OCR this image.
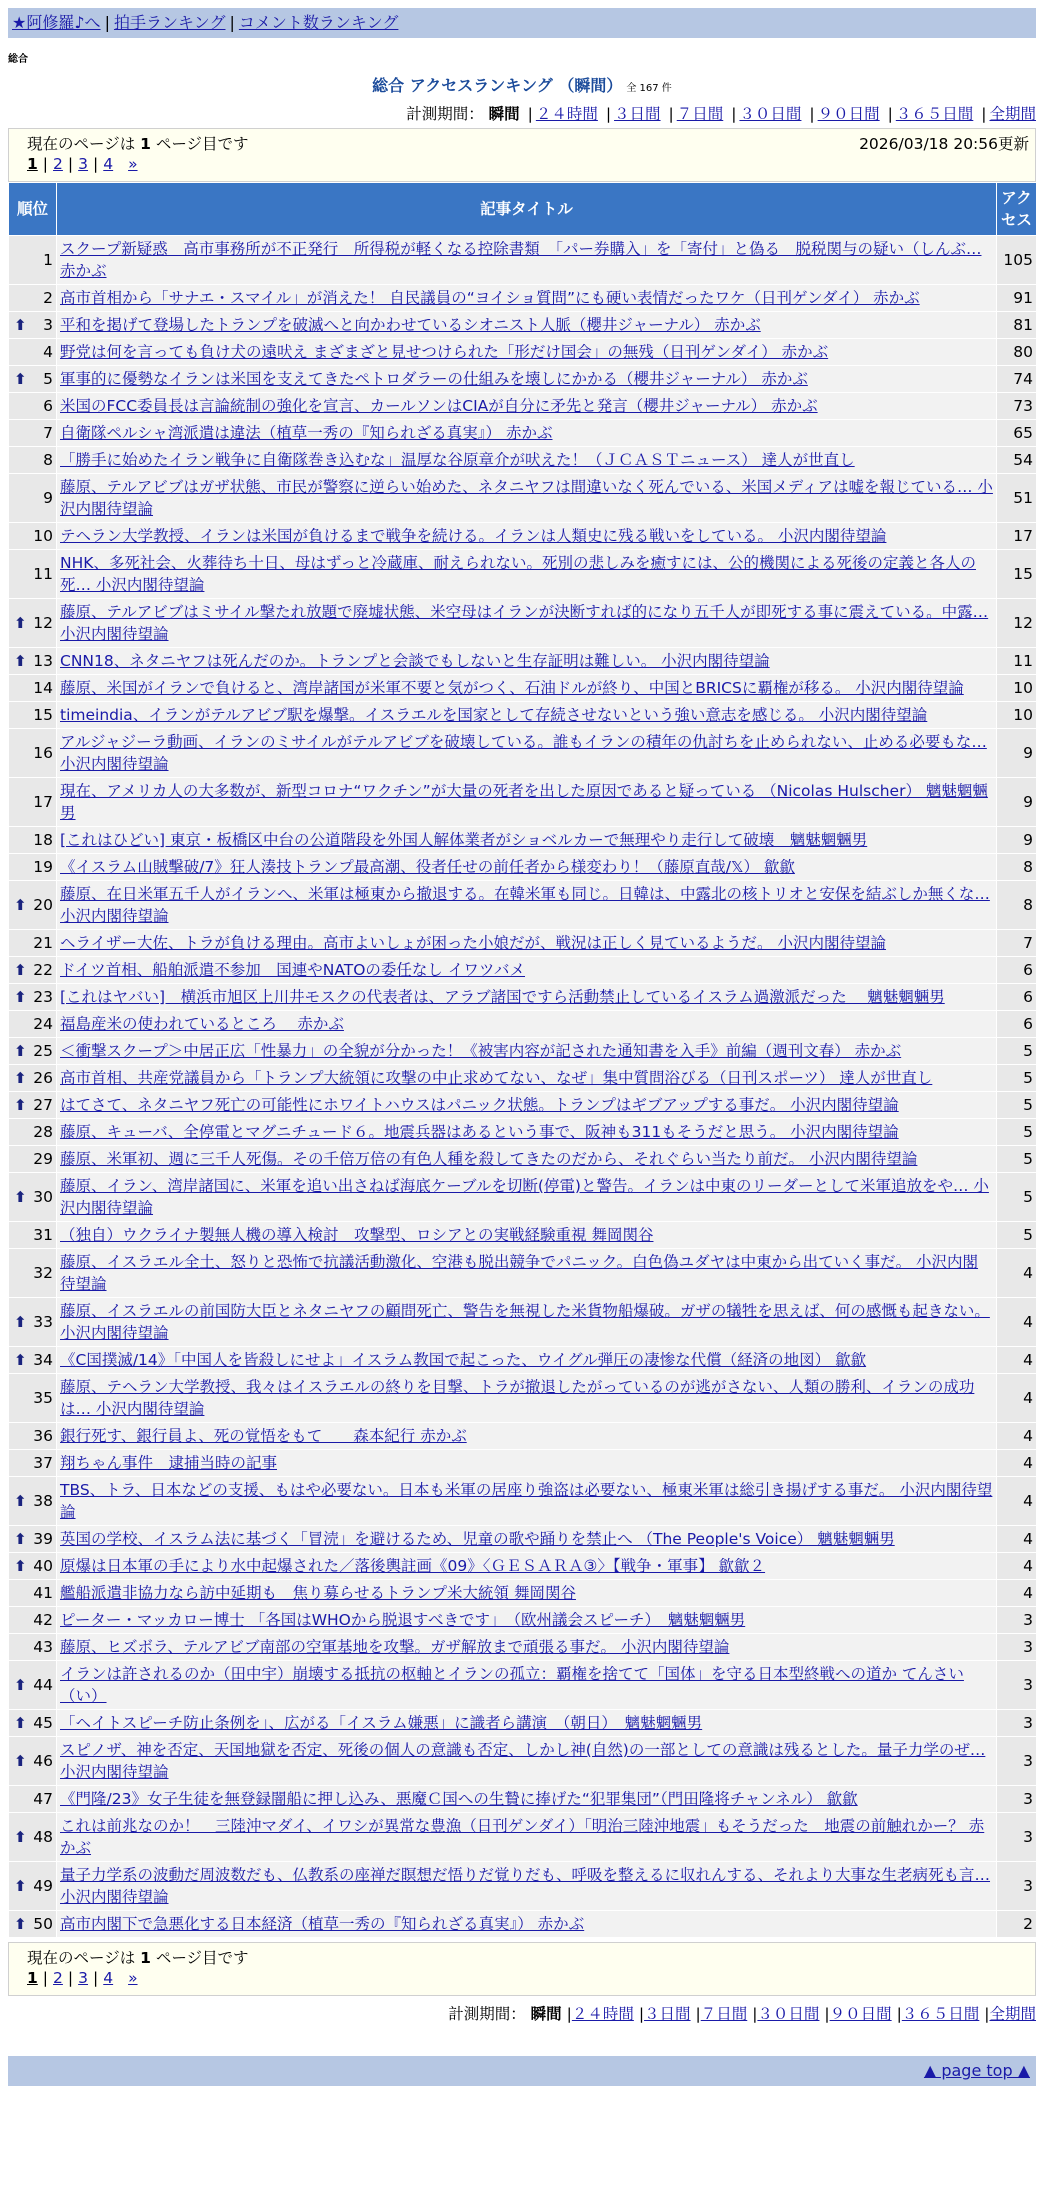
★阿修羅♪へ | 拍手ランキング | コメント数ランキング
総合
総合 アクセスランキング （瞬間） 全 167 件
計測期間： 瞬間 | ２４時間 | ３日間 | ７日間 | ３０日間 | ９０日間 | ３６５日間 | 全期間
現在のページは 1 ページ目です	2026/03/18 20:56更新
1 | 2 | 3 | 4 »
順位	記事タイトル	アクセス
1	スクープ新疑惑　高市事務所が不正発行　所得税が軽くなる控除書類　「パー券購入」を「寄付」と偽る　脱税関与の疑い（しんぶ… 赤かぶ	105
2	高市首相から「サナエ・スマイル」が消えた！ 自民議員の“ヨイショ質問”にも硬い表情だったワケ（日刊ゲンダイ） 赤かぶ	91

⬆ 3	平和を掲げて登場したトランプを破滅へと向かわせているシオニスト人脈（櫻井ジャーナル） 赤かぶ	81
4	野党は何を言っても負け犬の遠吠え まざまざと見せつけられた「形だけ国会」の無残（日刊ゲンダイ） 赤かぶ	80

⬆ 5	軍事的に優勢なイランは米国を支えてきたペトロダラーの仕組みを壊しにかかる（櫻井ジャーナル） 赤かぶ	74
6	米国のFCC委員長は言論統制の強化を宣言、カールソンはCIAが自分に矛先と発言（櫻井ジャーナル） 赤かぶ	73
7	自衛隊ペルシャ湾派遣は違法（植草一秀の『知られざる真実』） 赤かぶ	65
8	「勝手に始めたイラン戦争に自衛隊巻き込むな」温厚な谷原章介が吠えた！（ＪＣＡＳＴニュース） 達人が世直し	54
9	藤原、テルアビブはガザ状態、市民が警察に逆らい始めた、ネタニヤフは間違いなく死んでいる、米国メディアは嘘を報じている… 小沢内閣待望論	51
10	テヘラン大学教授、イランは米国が負けるまで戦争を続ける。イランは人類史に残る戦いをしている。 小沢内閣待望論	17
11	NHK、多死社会、火葬待ち十日、母はずっと冷蔵庫、耐えられない。死別の悲しみを癒すには、公的機関による死後の定義と各人の死… 小沢内閣待望論	15

⬆ 12	藤原、テルアビブはミサイル撃たれ放題で廃墟状態、米空母はイランが決断すれば的になり五千人が即死する事に震えている。中露… 小沢内閣待望論	12

⬆ 13	CNN18、ネタニヤフは死んだのか。トランプと会談でもしないと生存証明は難しい。 小沢内閣待望論	11
14	藤原、米国がイランで負けると、湾岸諸国が米軍不要と気がつく、石油ドルが終り、中国とBRICSに覇権が移る。 小沢内閣待望論	10
15	timeindia、イランがテルアビブ駅を爆撃。イスラエルを国家として存続させないという強い意志を感じる。 小沢内閣待望論	10
16	アルジャジーラ動画、イランのミサイルがテルアビブを破壊している。誰もイランの積年の仇討ちを止められない、止める必要もな… 小沢内閣待望論	9
17	現在、アメリカ人の大多数が、新型コロナ“ワクチン”が大量の死者を出した原因であると疑っている （Nicolas Hulscher） 魑魅魍魎男	9
18	[これはひどい] 東京・板橋区中台の公道階段を外国人解体業者がショベルカーで無理やり走行して破壊　魑魅魍魎男	9
19	《イスラム山賊擊破/7》狂人湊技トランプ最高潮、役者任せの前任者から様変わり！（藤原直哉/𝕏） 歙歙	8

⬆ 20	藤原、在日米軍五千人がイランへ、米軍は極東から撤退する。在韓米軍も同じ。日韓は、中露北の核トリオと安保を結ぶしか無くな… 小沢内閣待望論	8
21	ヘライザー大佐、トラが負ける理由。高市よいしょが困った小娘だが、戦況は正しく見ているようだ。 小沢内閣待望論	7

⬆ 22	ドイツ首相、船舶派遣不参加　国連やNATOの委任なし イワツバメ	6

⬆ 23	[これはヤバい]　横浜市旭区上川井モスクの代表者は、アラブ諸国ですら活動禁止しているイスラム過激派だった　 魑魅魍魎男	6
24	福島産米の使われているところ　 赤かぶ	6

⬆ 25	＜衝撃スクープ＞中居正広「性暴力」の全貌が分かった！《被害内容が記された通知書を入手》前編（週刊文春） 赤かぶ	5

⬆ 26	高市首相、共産党議員から「トランプ大統領に攻撃の中止求めてない、なぜ」集中質問浴びる（日刊スポーツ） 達人が世直し	5

⬆ 27	はてさて、ネタニヤフ死亡の可能性にホワイトハウスはパニック状態。トランプはギブアップする事だ。 小沢内閣待望論	5
28	藤原、キューバ、全停電とマグニチュード６。地震兵器はあるという事で、阪神も311もそうだと思う。 小沢内閣待望論	5
29	藤原、米軍初、週に三千人死傷。その千倍万倍の有色人種を殺してきたのだから、それぐらい当たり前だ。 小沢内閣待望論	5

⬆ 30	藤原、イラン、湾岸諸国に、米軍を追い出さねば海底ケーブルを切断(停電)と警告。イランは中東のリーダーとして米軍追放をや… 小沢内閣待望論	5
31	（独自）ウクライナ製無人機の導入検討　攻撃型、ロシアとの実戦経験重視 舞岡関谷	5
32	藤原、イスラエル全土、怒りと恐怖で抗議活動激化、空港も脱出競争でパニック。白色偽ユダヤは中東から出ていく事だ。 小沢内閣待望論	4

⬆ 33	藤原、イスラエルの前国防大臣とネタニヤフの顧問死亡、警告を無視した米貨物船爆破。ガザの犠牲を思えば、何の感慨も起きない。 小沢内閣待望論	4

⬆ 34	《C国撲滅/14》「中国人を皆殺しにせよ」イスラム教国で起こった、ウイグル弾圧の凄惨な代償（経済の地図） 歙歙	4
35	藤原、テヘラン大学教授、我々はイスラエルの終りを目撃、トラが撤退したがっているのが逃がさない、人類の勝利、イランの成功は… 小沢内閣待望論	4
36	銀行死す、銀行員よ、死の覚悟をもて　　森本紀行 赤かぶ	4
37	翔ちゃん事件　逮捕当時の記事	4

⬆ 38	TBS、トラ、日本などの支援、もはや必要ない。日本も米軍の居座り強盗は必要ない、極東米軍は総引き揚げする事だ。 小沢内閣待望論	4

⬆ 39	英国の学校、イスラム法に基づく「冒涜」を避けるため、児童の歌や踊りを禁止へ （The People's Voice） 魑魅魍魎男	4

⬆ 40	原爆は日本軍の手により水中起爆された／落後輿註画《09》〈ＧＥＳＡＲＡ③〉【戦争・軍事】 歙歙２	4
41	艦船派遣非協力なら訪中延期も　焦り募らせるトランプ米大統領 舞岡関谷	4
42	ピーター・マッカロー博士 「各国はWHOから脱退すべきです」　（欧州議会スピーチ）　魑魅魍魎男	3
43	藤原、ヒズボラ、テルアビブ南部の空軍基地を攻撃。ガザ解放まで頑張る事だ。 小沢内閣待望論	3

⬆ 44	イランは許されるのか（田中宇）崩壊する抵抗の枢軸とイランの孤立：覇権を捨てて「国体」を守る日本型終戦への道か てんさい（い）	3

⬆ 45	「ヘイトスピーチ防止条例を」、広がる「イスラム嫌悪」に識者ら講演　（朝日）　魑魅魍魎男	3

⬆ 46	スピノザ、神を否定、天国地獄を否定、死後の個人の意識も否定、しかし神(自然)の一部としての意識は残るとした。量子力学のぜ… 小沢内閣待望論	3
47	《門隆/23》女子生徒を無登録闇船に押し込み、悪魔Ｃ国への生贄に捧げた“犯罪集団”（門田隆将チャンネル） 歙歙	3

⬆ 48	これは前兆なのか！　三陸沖マダイ、イワシが異常な豊漁（日刊ゲンダイ）「明治三陸沖地震」もそうだった　地震の前触れかー？ 赤かぶ	3

⬆ 49	量子力学系の波動だ周波数だも、仏教系の座禅だ瞑想だ悟りだ覚りだも、呼吸を整えるに収れんする、それより大事な生老病死も言… 小沢内閣待望論	3

⬆ 50	高市内閣下で急悪化する日本経済（植草一秀の『知られざる真実』） 赤かぶ	2
現在のページは 1 ページ目です
1 | 2 | 3 | 4 »
計測期間： 瞬間 |２４時間 |３日間 |７日間 |３０日間 |９０日間 |３６５日間 |全期間
▲ page top ▲
